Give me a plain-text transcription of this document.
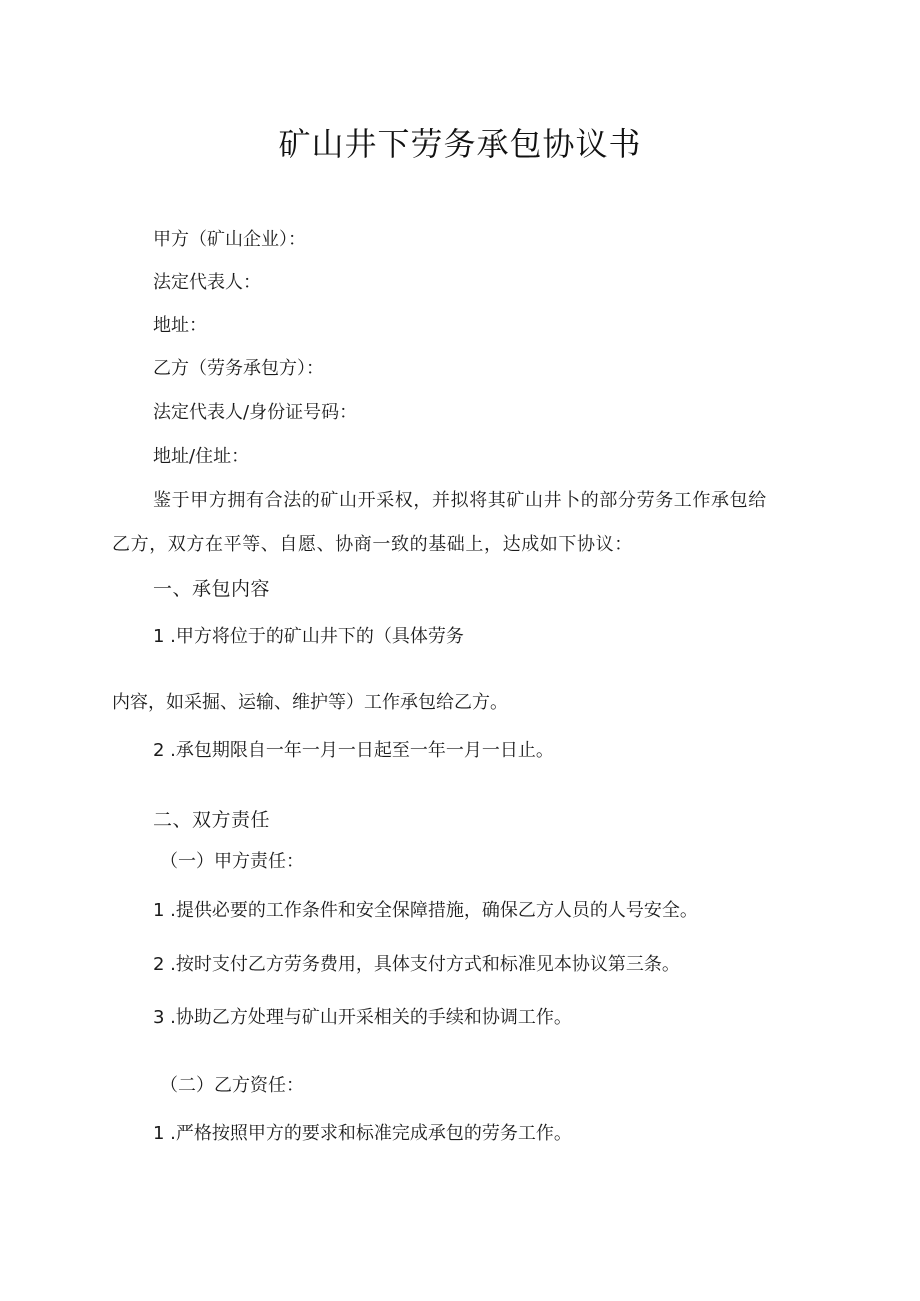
矿山井下劳务承包协议书
甲方（矿山企业）：
法定代表人：
地址：
乙方（劳务承包方）：
法定代表人/身份证号码：
地址/住址：
鉴于甲方拥有合法的矿山开采权，并拟将其矿山井卜的部分劳务工作承包给
乙方，双方在平等、自愿、协商一致的基础上，达成如下协议：
一、承包内容
1 .甲方将位于的矿山井下的（具体劳务
内容，如采掘、运输、维护等）工作承包给乙方。
2 .承包期限自一年一月一日起至一年一月一日止。
二、双方责任
（一）甲方责任：
1 .提供必要的工作条件和安全保障措施，确保乙方人员的人号安全。
2 .按时支付乙方劳务费用，具体支付方式和标准见本协议第三条。
3 .协助乙方处理与矿山开采相关的手续和协调工作。
（二）乙方资任：
1 .严格按照甲方的要求和标准完成承包的劳务工作。
